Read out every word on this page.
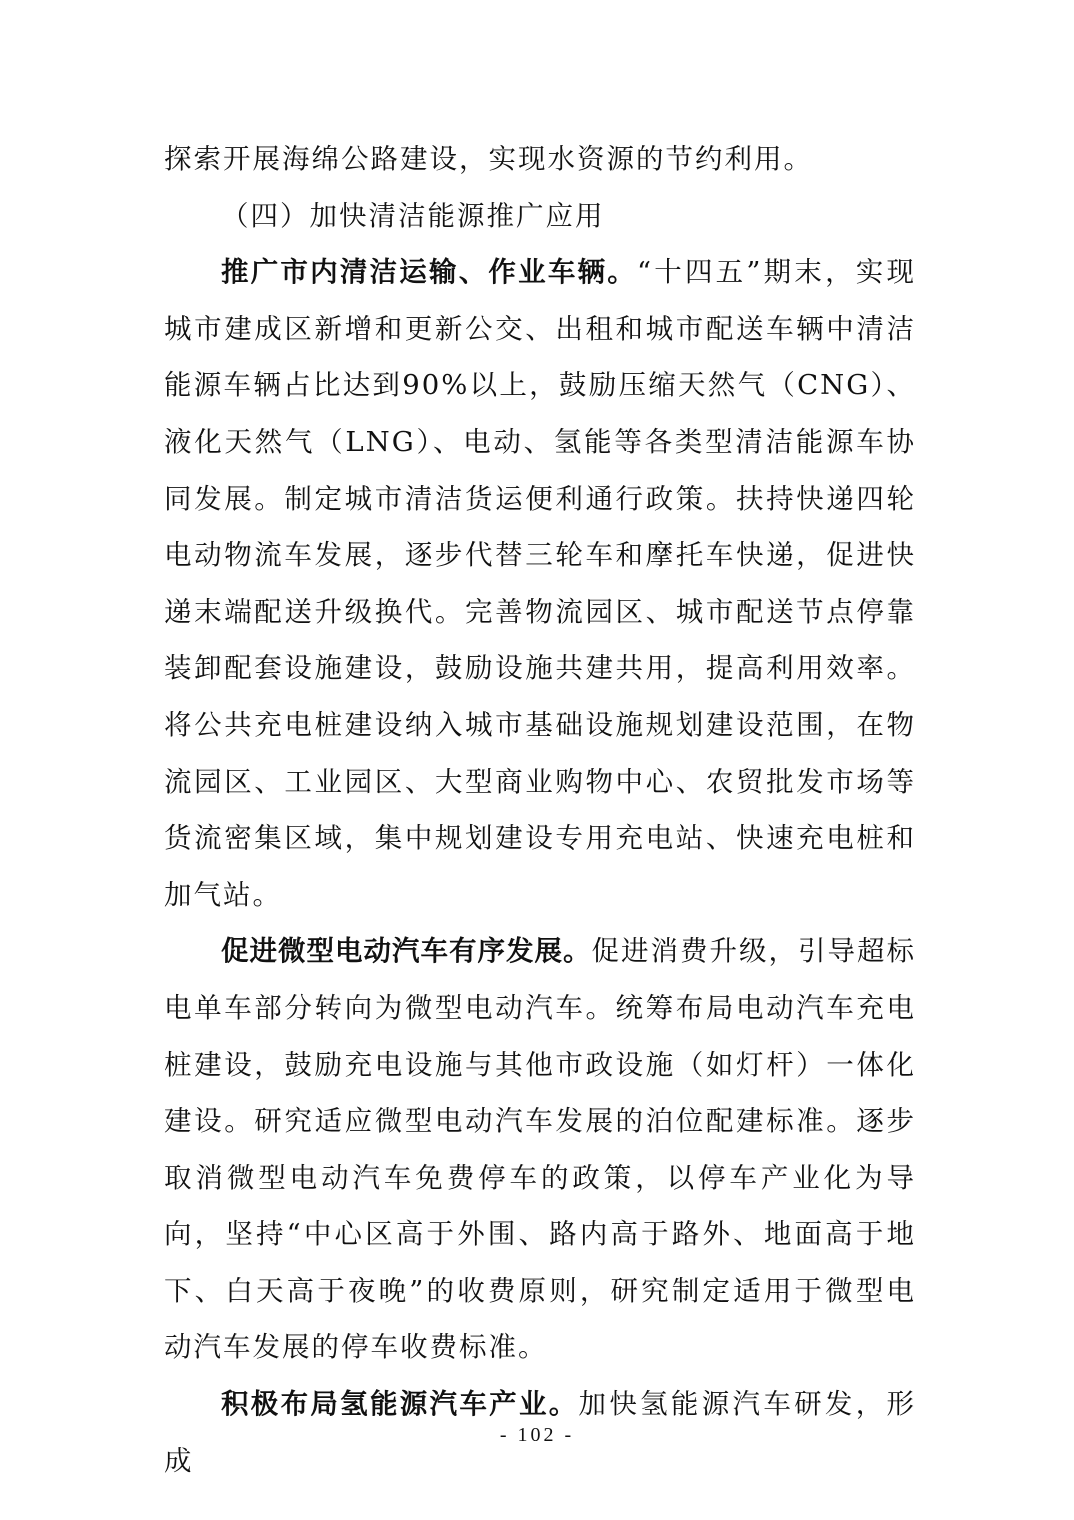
探索开展海绵公路建设，实现水资源的节约利用。

（四）加快清洁能源推广应用

推广市内清洁运输、作业车辆。“十四五”期末，实现城市建成区新增和更新公交、出租和城市配送车辆中清洁能源车辆占比达到90%以上，鼓励压缩天然气（CNG）、液化天然气（LNG）、电动、氢能等各类型清洁能源车协同发展。制定城市清洁货运便利通行政策。扶持快递四轮电动物流车发展，逐步代替三轮车和摩托车快递，促进快递末端配送升级换代。完善物流园区、城市配送节点停靠装卸配套设施建设，鼓励设施共建共用，提高利用效率。将公共充电桩建设纳入城市基础设施规划建设范围，在物流园区、工业园区、大型商业购物中心、农贸批发市场等货流密集区域，集中规划建设专用充电站、快速充电桩和加气站。

促进微型电动汽车有序发展。促进消费升级，引导超标电单车部分转向为微型电动汽车。统筹布局电动汽车充电桩建设，鼓励充电设施与其他市政设施（如灯杆）一体化建设。研究适应微型电动汽车发展的泊位配建标准。逐步取消微型电动汽车免费停车的政策，以停车产业化为导向，坚持“中心区高于外围、路内高于路外、地面高于地下、白天高于夜晚”的收费原则，研究制定适用于微型电动汽车发展的停车收费标准。

积极布局氢能源汽车产业。加快氢能源汽车研发，形成

- 102 -
